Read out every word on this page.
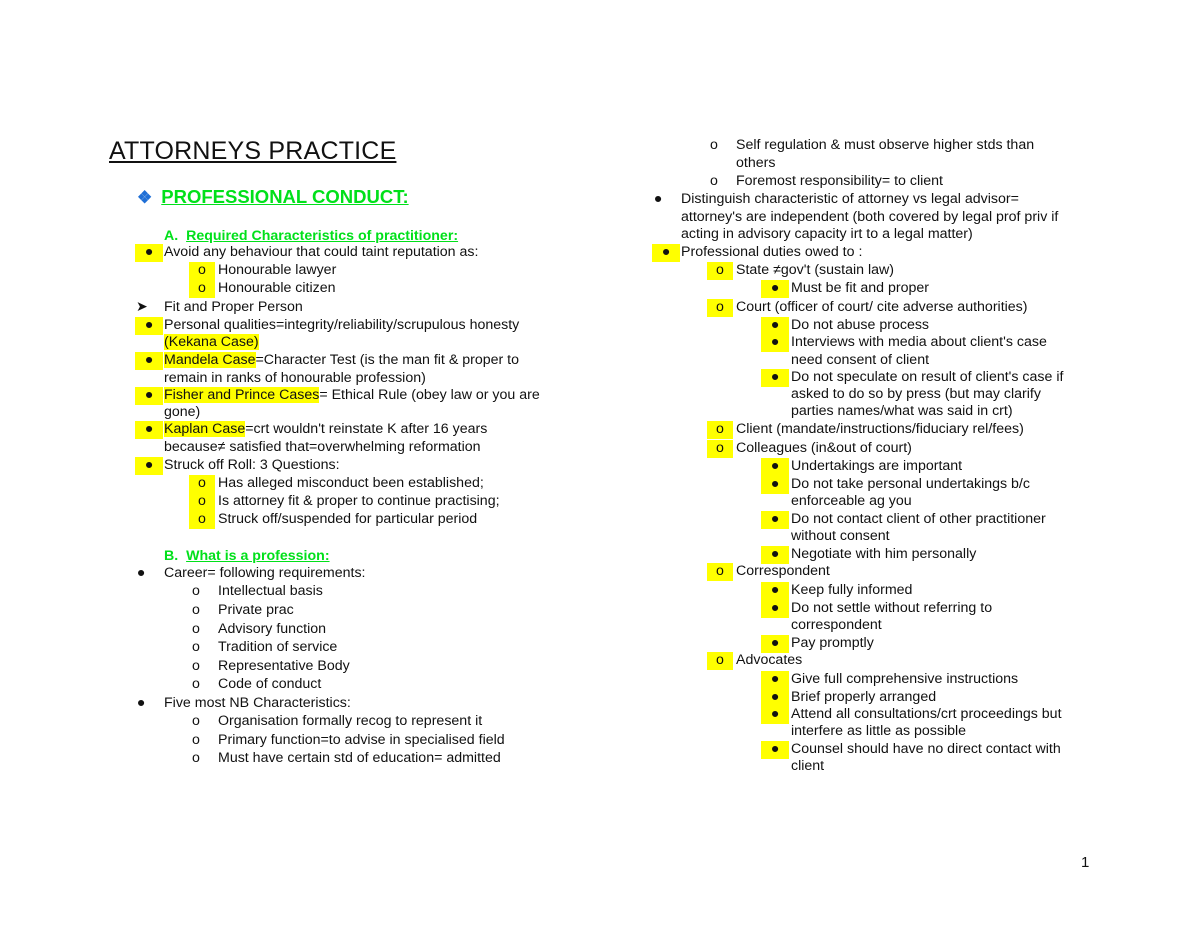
ATTORNEYS PRACTICE
❖ PROFESSIONAL CONDUCT:
A. Required Characteristics of practitioner:
● Avoid any behaviour that could taint reputation as:
o Honourable lawyer
o Honourable citizen
➤ Fit and Proper Person
● Personal qualities=integrity/reliability/scrupulous honesty
(Kekana Case)
● Mandela Case=Character Test (is the man fit & proper to
remain in ranks of honourable profession)
● Fisher and Prince Cases= Ethical Rule (obey law or you are
gone)
● Kaplan Case=crt wouldn't reinstate K after 16 years
because≠ satisfied that=overwhelming reformation
● Struck off Roll: 3 Questions:
o Has alleged misconduct been established;
o Is attorney fit & proper to continue practising;
o Struck off/suspended for particular period
B. What is a profession:
● Career= following requirements:
o Intellectual basis
o Private prac
o Advisory function
o Tradition of service
o Representative Body
o Code of conduct
● Five most NB Characteristics:
o Organisation formally recog to represent it
o Primary function=to advise in specialised field
o Must have certain std of education= admitted
o Self regulation & must observe higher stds than
others
o Foremost responsibility= to client
● Distinguish characteristic of attorney vs legal advisor=
attorney's are independent (both covered by legal prof priv if
acting in advisory capacity irt to a legal matter)
● Professional duties owed to :
o State ≠gov't (sustain law)
● Must be fit and proper
o Court (officer of court/ cite adverse authorities)
● Do not abuse process
● Interviews with media about client's case
need consent of client
● Do not speculate on result of client's case if
asked to do so by press (but may clarify
parties names/what was said in crt)
o Client (mandate/instructions/fiduciary rel/fees)
o Colleagues (in&out of court)
● Undertakings are important
● Do not take personal undertakings b/c
enforceable ag you
● Do not contact client of other practitioner
without consent
● Negotiate with him personally
o Correspondent
● Keep fully informed
● Do not settle without referring to
correspondent
● Pay promptly
o Advocates
● Give full comprehensive instructions
● Brief properly arranged
● Attend all consultations/crt proceedings but
interfere as little as possible
● Counsel should have no direct contact with
client
1
